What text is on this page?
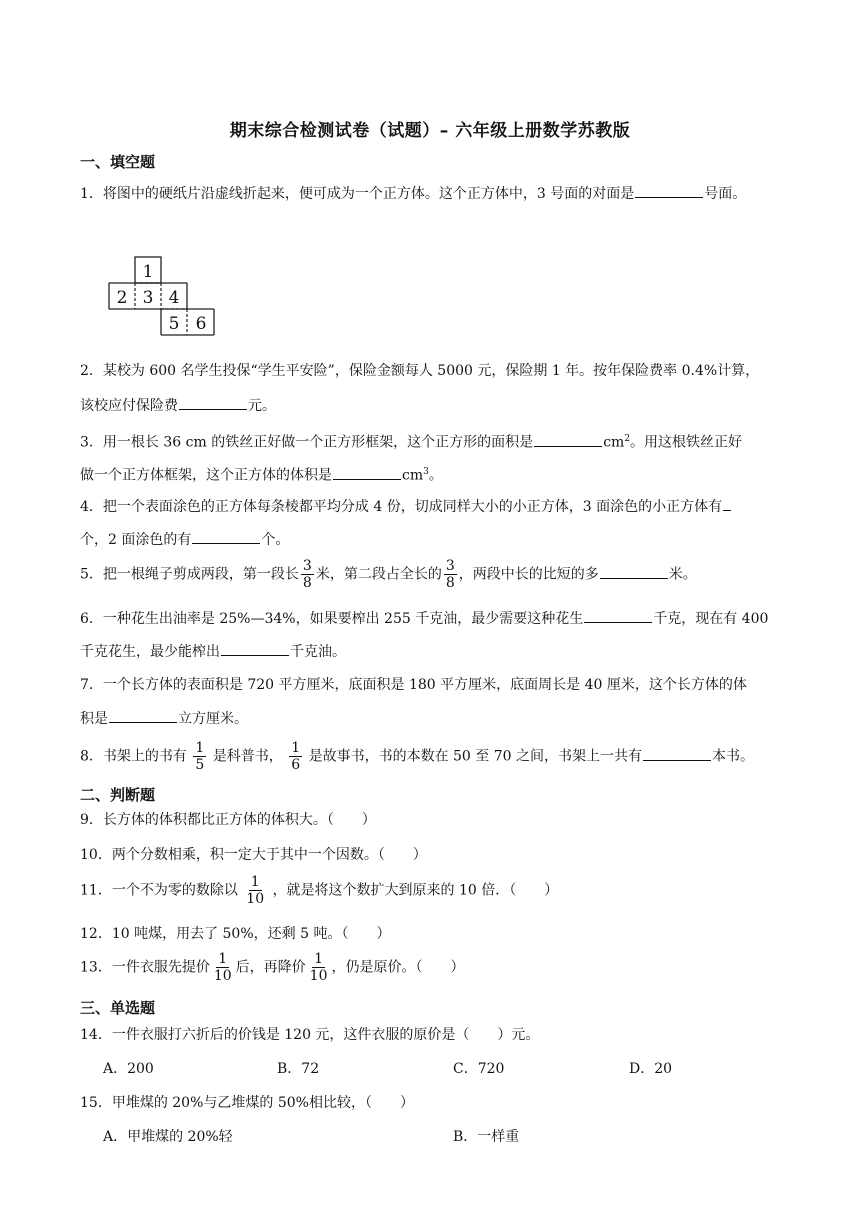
期末综合检测试卷（试题）– 六年级上册数学苏教版
一、填空题
1．将图中的硬纸片沿虚线折起来，便可成为一个正方体。这个正方体中，3 号面的对面是	号面。
1
2 3 4
5 6
2．某校为 600 名学生投保“学生平安险”，保险金额每人 5000 元，保险期 1 年。按年保险费率 0.4%计算，
该校应付保险费	元。
3．用一根长 36 cm 的铁丝正好做一个正方形框架，这个正方形的面积是	$cm^2$。用这根铁丝正好
做一个正方体框架，这个正方体的体积是	$cm^3$。
4．把一个表面涂色的正方体每条棱都平均分成 4 份，切成同样大小的小正方体，3 面涂色的小正方体有
个，2 面涂色的有	个。
5．把一根绳子剪成两段，第一段长 $\frac{3}{8}$ 米，第二段占全长的 $\frac{3}{8}$ ，两段中长的比短的多	米。
6．一种花生出油率是 25%—34%，如果要榨出 255 千克油，最少需要这种花生	千克，现在有 400
千克花生，最少能榨出	千克油。
7．一个长方体的表面积是 720 平方厘米，底面积是 180 平方厘米，底面周长是 40 厘米，这个长方体的体
积是	立方厘米。
8．书架上的书有 $\frac{1}{5}$ 是科普书， $\frac{1}{6}$ 是故事书，书的本数在 50 至 70 之间，书架上一共有	本书。
二、判断题
9．长方体的体积都比正方体的体积大。（　　）
10．两个分数相乘，积一定大于其中一个因数。（　　）
11．一个不为零的数除以 $\frac{1}{10}$ ，就是将这个数扩大到原来的 10 倍．（　　）
12．10 吨煤，用去了 50%，还剩 5 吨。（　　）
13．一件衣服先提价 $\frac{1}{10}$ 后，再降价 $\frac{1}{10}$ ，仍是原价。（　　）
三、单选题
14．一件衣服打六折后的价钱是 120 元，这件衣服的原价是（　　）元。
A．200	B．72	C．720	D．20
15．甲堆煤的 20%与乙堆煤的 50%相比较，（　　）
A．甲堆煤的 20%轻	B．一样重
